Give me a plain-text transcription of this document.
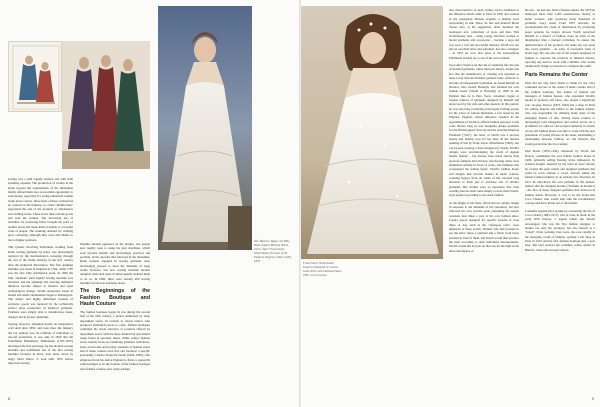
left: Maurice Tapon, Six Bills, Robe d'Après Midi de Worth, 1913; right: Franz Xaver Winterhalter, Portrait of the Empress Eugénie (1826–1920), 1853

sewing was a skill equally learned and with little spending expense. The production of clothes in the home beyond the requirements of the immediate family offered them fore an excellent opportunity to earn money, especially for young unmarried women in the lower classes. Since most of these women had no contacts in the industry, so called "middle men" negotiated the sale of the products to wholesalers and clothing stores. These stores then sold the goods and paid the women. The increasing use of machines for producing fabric brought the price of textiles down and made them available to a broader class of people. The resulting demand for clothing grew constantly, although they were still unable to rise to higher positions.

This system, involving individuals working from home sewing garments by hand, was increasingly replaced by the mechanization sweeping through the rest of the textile industry in the first century after the Industrial Revolution. The first spinning machine was made in England in 1764, while 1785 saw the first fully mechanical loom. In 1830 the fully automatic (and signal) sewing machine was invented, and the spinning and weaving industries therefore became subject to massive and rapid technological change. Textile enterprises based in homes and small communities began to disintegrate. The artistic and highly individual creation of exclusive goods was replaced by the technically perfect mass production of identical garments. Fashions were simply able to manufacture faster, cheaper and in greater quantities.

Sewing, however, remained mostly an inexpensive craft until after 1850, and even then, the industry did not entirely lose its tradition of individual or one-off production. It was only in 1829 that the Frenchman Barthélemy Thimonnier (1793–1857) developed the first prototype for the modern sewing machine and established one of the first sewing machine factories in Paris, later burnt down by angry hand tailors. It took until 1870 before improved sewing

machine models appeared on the market, and people now rapidly took to using the new machines, which soon became smaller and increasingly practical and portable. In the decades that followed in the meantime, home workers engaged in sewing garments were increasingly pressed to meet the demands of large textile factories, but new sewing machine models designed with such users in mind usually enabled them to do so. In 1900, there were already 200 sewing machine factories in Germany alone.

The Beginnings of the Fashion Boutique and Haute Couture

The fashion boutique began its rise during the second half of the 19th century, a period dominated by large department stores. In contrast to classic tailors, who produced individual pieces to order, fashion boutiques combined the broad selection of products offered by department stores with the more limited but specialized range found in specialty shops. While today's fashion stores usually focus on combining garments with shoes, belts, accessories and jewelry, pioneers of fashion stores and of haute couture were first and foremost a specific personality. Charles Frederick Worth (1826–1895), who emigrated from his native England to Paris, is generally acknowledged to be the founder of the fashion boutique and of haute couture, ever today perhaps

8
Franz Xaver Winterhalter, Empress Elisabeth in Courtly Gala Dress with Diamond Stars, 1865, oil on canvas

ular characteristics of such clothes can be attributed to the influence Worth came to Paris in 1845 and worked in the prestigious Maison Gagelin, a fashion store specializing in silk. There, he met and married Marie Vernet who, at his suggestion, often modeled the boutique's new collections of laces and hats. This revolutionary idea – using young attractive women to model garments and accessories – became a rage and was soon a vast and successful industry, Worth was not just an excellent tailor and salesman, but also a designer – in 1855 he won first prize at the International Exhibition in Paris for a coat of his own creation.

Soon after, Worth took the risk of venturing into the sale of finished garments, rather than just fabrics, despite the fact that the manufacture of clothing was regarded as more lowly than the finished garment trade. Anxious to become an independent tradesman, he found himself an investor, Otto Gustaf Bobergh, and founded his own fashion house (Worth et Bobergh) in 1858 in the Parisian Rue de la Paix. Soon, customers began to request replicas of garments designed by himself and showcased by his wife and other models. In this period, he was also busy producing extravagant evening gowns for the wives of various diplomats, a fact noted by the Empress Eugénie, whose influence resulted in the appointment of Worth as official fashion purveyor to the court. Before long, he was designing unique garments for the British Queen Victoria and the Austrian Empress Elisabeth ("Sisi"), the latter of which was a revered beauty and fashion icon for her time. In the famous painting of Sisi by Franz Xaver Winterhalter (1865), she can be seen wearing a dress designed by Worth. Worth's designs were revolutionizing the world of elegant female fashion – his dresses were much shorter than previous fashions had dictated, and flowing trains were eliminated entirely in favor of waist- and hemlines that accentuated the female figure. Worth's fashion house and designs had become leaders in haute couture, counting figures from all walks of life traveled long distances to Paris just to purchase one of Worth's garments. His clothes were so expensive that even wealthy patrons often came simply to have them Worth-style updated according to the latest fashion.

At the height of his fame, Worth did not simply design in response to the demands of his customers, but also followed his own creative path, presenting his newest creations four times a year at his own fashion show. Luxury pieces designed for specific seasons or even times of day, such as the "afternoon robe", were displayed at these events. Women who had traveled to see the show chose a garment and a fabric from those paraded in front of them, and Worth would then produce the item according to their individual measurements. Worth's brand did not just set the tone for the high social elites and figures of

his day – he had also built a fashion empire. By 1870 he employed more than 1,200 seamstresses, mostly as home workers, who produced many hundreds of garments every week. From 1857 onwards, he revolutionized his chain of distribution by producing paper patterns for buyers abroad. Worth perceived himself as a master of fashion, more an artist of the imagination than a manual craftsman. To ensure the distinctiveness of his products, his name tag was sewn into every garment – an early, if concealed, form of brand logo. He was also one of the earliest designers of fashion to conceive his products as finished articles, rejecting any need to work with a milliner who would traditionally design accessories to complete the outfit.

Paris Remains the Center

Paris did not only have Worth to thank for the city's continued success as the center of haute couture and of the fashion boutique. The names of fashion and managers of fashion houses, who expanded Worth's model of pioneers and ideas, also played a significant role. Jacques Doucet (1853–1929) has a shop in Paris for selling lingerie and fabrics to the fashion market, who was responsible for utilizing many sides of the emerging market of this, driving haute couture to increasingly bold imaginative and radical levels. As a prominent art collector and accepted authority in artistic circles, his fashion house was able to work with the new generation of young Picasso in his salon, establishing a relationship between fashion, art and lifestyle that would persist into the 21st century.

Paul Poiret (1879–1944), mentored by Worth and Doucet, established his own female fashion house in 1903, primarily selling flowing styles influenced by oriental designs. Inspired by the trend in dress reform, he created the open culotte and designed garments that could be worn without a corset, thereby taking the female fashion industry in an entirely new direction. In 1911 he introduced his own perfume in the market, named after his daughter Rosine ("Parfums de Rosine") – the first of many designer perfumes that followed in fashion hands. However, it was to be the brand that Coco Chanel, who would later take the revolutionary concept and drive Poiret out of the market.

Countless legends have sprung up concerning the life of Coco Chanel (1883–1971). Out of trade in made in the early 20th century, a legend which she herself encouraged. She was the first fashion designer to market not only her products, but also herself as a "brand". From working class roots, she rose rapidly in the emerging world of fashion, opening a hat shop in Paris in 1910 and her first fashion boutique just a year later. She later secured her wealthier coffee outlets in Biarritz, where she secured various

9
